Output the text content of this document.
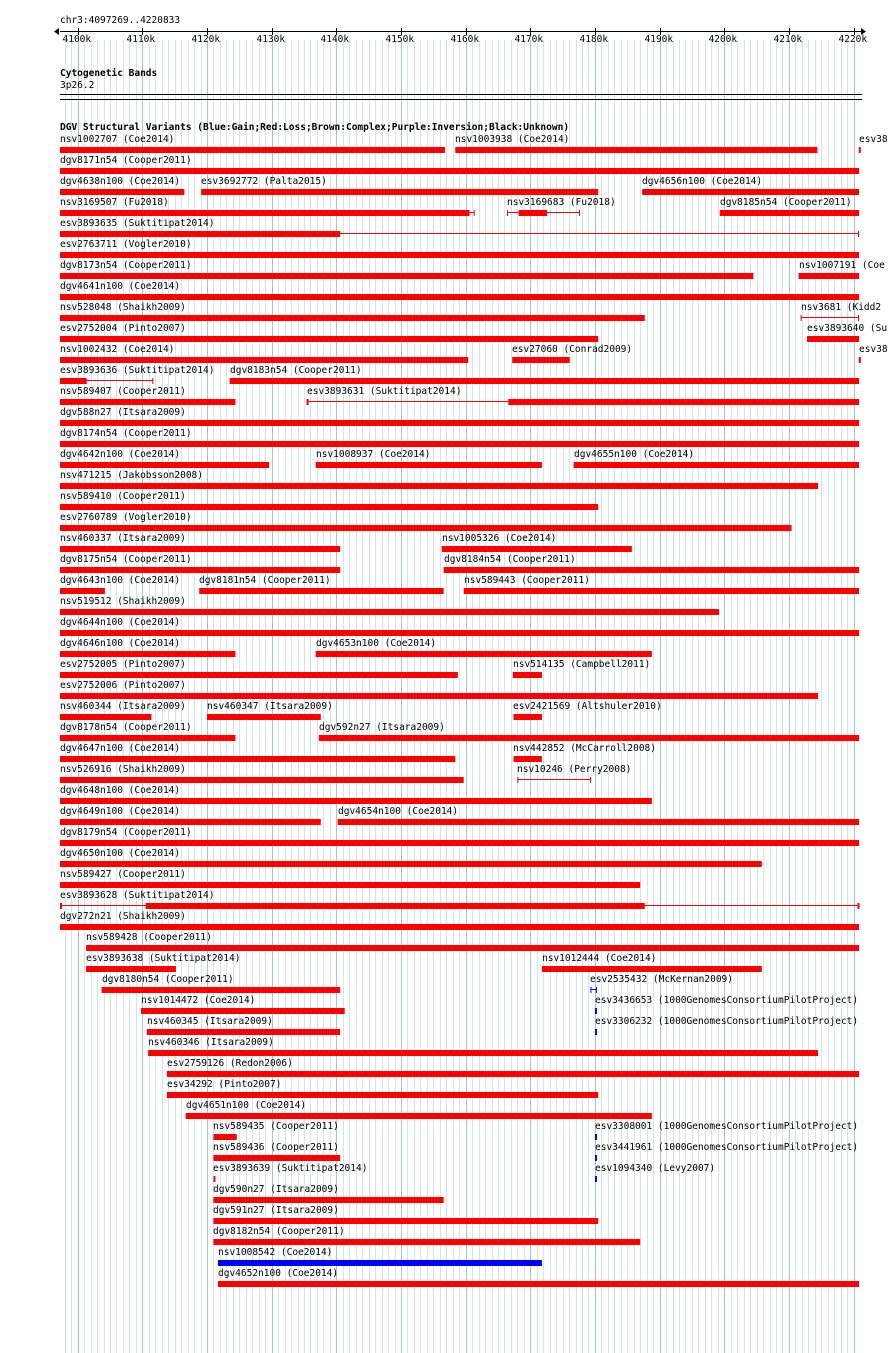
chr3:4097269..4220833
4100k	4110k	4120k	4130k	4140k	4150k	4160k	4170k	4180k	4190k	4200k	4210k	4220k
Cytogenetic Bands
3p26.2
DGV Structural Variants (Blue:Gain;Red:Loss;Brown:Complex;Purple:Inversion;Black:Unknown)
nsv1002707 (Coe2014)	nsv1003938 (Coe2014)	esv38
dgv8171n54 (Cooper2011)
dgv4638n100 (Coe2014) esv3692772 (Palta2015)	dgv4656n100 (Coe2014)
nsv3169507 (Fu2018)	nsv3169683 (Fu2018)	dgv8185n54 (Cooper2011)
esv3893635 (Suktitipat2014)
esv2763711 (Vogler2010)
dgv8173n54 (Cooper2011)	nsv1007191 (Coe
dgv4641n100 (Coe2014)
nsv528048 (Shaikh2009)	nsv3681 (Kidd2
esv2752004 (Pinto2007)	esv3893640 (Su
nsv1002432 (Coe2014)	esv27060 (Conrad2009)	esv38
esv3893636 (Suktitipat2014) dgv8183n54 (Cooper2011)
nsv589407 (Cooper2011)	esv3893631 (Suktitipat2014)
dgv588n27 (Itsara2009)
dgv8174n54 (Cooper2011)
dgv4642n100 (Coe2014)	nsv1008937 (Coe2014)	dgv4655n100 (Coe2014)
nsv471215 (Jakobsson2008)
nsv589410 (Cooper2011)
esv2760789 (Vogler2010)
nsv460337 (Itsara2009)	nsv1005326 (Coe2014)
dgv8175n54 (Cooper2011)	dgv8184n54 (Cooper2011)
dgv4643n100 (Coe2014) dgv8181n54 (Cooper2011)	nsv589443 (Cooper2011)
nsv519512 (Shaikh2009)
dgv4644n100 (Coe2014)
dgv4646n100 (Coe2014)	dgv4653n100 (Coe2014)
esv2752005 (Pinto2007)	nsv514135 (Campbell2011)
esv2752006 (Pinto2007)
nsv460344 (Itsara2009) nsv460347 (Itsara2009)	esv2421569 (Altshuler2010)
dgv8178n54 (Cooper2011)	dgv592n27 (Itsara2009)
dgv4647n100 (Coe2014)	nsv442852 (McCarroll2008)
nsv526916 (Shaikh2009)	nsv10246 (Perry2008)
dgv4648n100 (Coe2014)
dgv4649n100 (Coe2014)	dgv4654n100 (Coe2014)
dgv8179n54 (Cooper2011)
dgv4650n100 (Coe2014)
nsv589427 (Cooper2011)
esv3893628 (Suktitipat2014)
dgv272n21 (Shaikh2009)
nsv589428 (Cooper2011)
esv3893638 (Suktitipat2014)	nsv1012444 (Coe2014)
dgv8180n54 (Cooper2011)	esv2535432 (McKernan2009)
nsv1014472 (Coe2014)	esv3436653 (1000GenomesConsortiumPilotProject)
nsv460345 (Itsara2009)	esv3306232 (1000GenomesConsortiumPilotProject)
nsv460346 (Itsara2009)
esv2759126 (Redon2006)
esv34292 (Pinto2007)
dgv4651n100 (Coe2014)
nsv589435 (Cooper2011)	esv3308001 (1000GenomesConsortiumPilotProject)
nsv589436 (Cooper2011)	esv3441961 (1000GenomesConsortiumPilotProject)
esv3893639 (Suktitipat2014)	esv1094340 (Levy2007)
dgv590n27 (Itsara2009)
dgv591n27 (Itsara2009)
dgv8182n54 (Cooper2011)
nsv1008542 (Coe2014)
dgv4652n100 (Coe2014)
